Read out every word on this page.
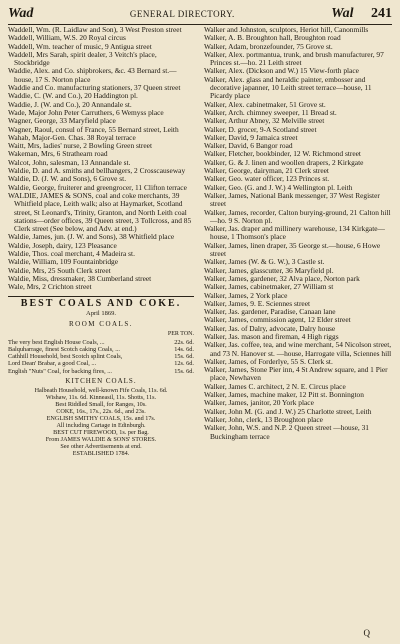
Wad	GENERAL DIRECTORY.	Wal 241
Waddell, Wm. (R. Laidlaw and Son), 3 West Preston street
Waddell, William, W.S. 20 Royal circus
Waddell, Wm. teacher of music, 9 Antigua street
Waddell, Mrs Sarah, spirit dealer, 3 Veitch's place, Stockbridge
Waddie, Alex. and Co. shipbrokers, &c. 43 Bernard st.—house, 17 S. Norton place
Waddie and Co. manufacturing stationers, 37 Queen street
Waddie, C. (W. and Co.), 20 Haddington pl.
Waddie, J. (W. and Co.), 20 Annandale st.
Wade, Major John Peter Carruthers, 6 Wemyss place
Wagner, George, 33 Maryfield place
Wagner, Raoul, consul of France, 55 Bernard street, Leith
Wahab, Major-Gen. Chas. 38 Royal terrace
Waitt, Mrs, ladies' nurse, 2 Bowling Green street
Wakeman, Mrs, 6 Strathearn road
Walcot, John, salesman, 13 Annandale st.
Waldie, D. and A. smiths and bellhangers, 2 Crosscauseway
Waldie, D. (J. W. and Sons), 6 Grove st.
Waldie, George, fruiterer and greengrocer, 11 Clifton terrace
WALDIE, JAMES & SONS, coal and coke merchants, 39 Whitfield place, Leith walk; also at Haymarket, Scotland street, St Leonard's, Trinity, Granton, and North Leith coal stations—order offices, 39 Queen street, 3 Tollcross, and 85 Clerk street (See below, and Adv. at end.)
Waldie, James, jun. (J. W. and Sons), 38 Whitfield place
Waldie, Joseph, dairy, 123 Pleasance
Waldie, Thos. coal merchant, 4 Madeira st.
Waldie, William, 109 Fountainbridge
Waldie, Mrs, 25 South Clerk street
Waldie, Miss, dressmaker, 38 Cumberland street
Wale, Mrs, 2 Crichton street
BEST COALS AND COKE.
April 1869.
ROOM COALS.
PER TON.
The very best English House Coals, ...	22s. 6d.
Balquharrage, finest Scotch caking Coals, ...	14s. 6d.
Cathhill Household, best Scotch splint Coals,	15s. 6d.
Lord Dean' Brabar, a good Coal, ...	12s. 6d.
English "Nuts" Coal, for backing fires, ...	15s. 6d.
KITCHEN COALS.
Halbeath Household, well-known Fife Coals, 11s. 6d.
Wishaw, 11s. 6d. Kinneasil, 11s. Shotts, 11s.
Best Riddled Small, for Ranges, 10s.
COKE, 16s., 17s., 22s. 6d., and 23s.
ENGLISH SMITHY COALS, 15s. and 17s.
All including Cartage in Edinburgh.
BEST CUT FIREWOOD, 1s. per Bag.
From JAMES WALDIE & SONS' STORES.
See other Advertisements at end.
ESTABLISHED 1784.
Walker and Johnston, sculptors, Heriot hill, Canonmills
Walker, A. B. Broughton hall, Broughton road
Walker, Adam, bronzefounder, 75 Grove st.
Walker, Alex. portmantua, trunk, and brush manufacturer, 97 Princes st.—ho. 21 Leith street
Walker, Alex. (Dickson and W.) 15 View-forth place
Walker, Alex. glass and heraldic painter, embosser and decorative japanner, 10 Leith street terrace—house, 11 Picardy place
Walker, Alex. cabinetmaker, 51 Grove st.
Walker, Arch. chimney sweeper, 11 Bread st.
Walker, Arthur Abney, 32 Melville street
Walker, D. grocer, 9-A Scotland street
Walker, David, 9 Jamaica street
Walker, David, 6 Bangor road
Walker, Fletcher, bookbinder, 12 W. Richmond street
Walker, G. & J. linen and woollen drapers, 2 Kirkgate
Walker, George, dairyman, 21 Clerk street
Walker, Geo. water officer, 123 Princes st.
Walker, Geo. (G. and J. W.) 4 Wellington pl. Leith
Walker, James, National Bank messenger, 37 West Register street
Walker, James, recorder, Calton burying-ground, 21 Calton hill—ho. 9 S. Norton pl.
Walker, Jas. draper and millinery warehouse, 134 Kirkgate—house, 1 Thomson's place
Walker, James, linen draper, 35 George st.—house, 6 Howe street
Walker, James (W. & G. W.), 3 Castle st.
Walker, James, glasscutter, 36 Maryfield pl.
Walker, James, gardener, 32 Alva place, Norton park
Walker, James, cabinetmaker, 27 William st
Walker, James, 2 York place
Walker, James, 9. E. Sciennes street
Walker, Jas. gardener, Paradise, Canaan lane
Walker, James, commission agent, 12 Elder street
Walker, Jas. of Dalry, advocate, Dalry house
Walker, Jas. mason and fireman, 4 High riggs
Walker, Jas. coffee, tea, and wine merchant, 54 Nicolson street, and 73 N. Hanover st. —house, Harrogate villa, Sciennes hill
Walker, James, of Forderlye, 55 S. Clerk st.
Walker, James, Stone Pier inn, 4 St Andrew square, and 1 Pier place, Newhaven
Walker, James C. architect, 2 N. E. Circus place
Walker, James, machine maker, 12 Pitt st. Bonnington
Walker, James, janitor, 20 York place
Walker, John M. (G. and J. W.) 25 Charlotte street, Leith
Walker, John, clerk, 13 Broughton place
Walker, John, W.S. and N.P. 2 Queen street —house, 31 Buckingham terrace
Q
